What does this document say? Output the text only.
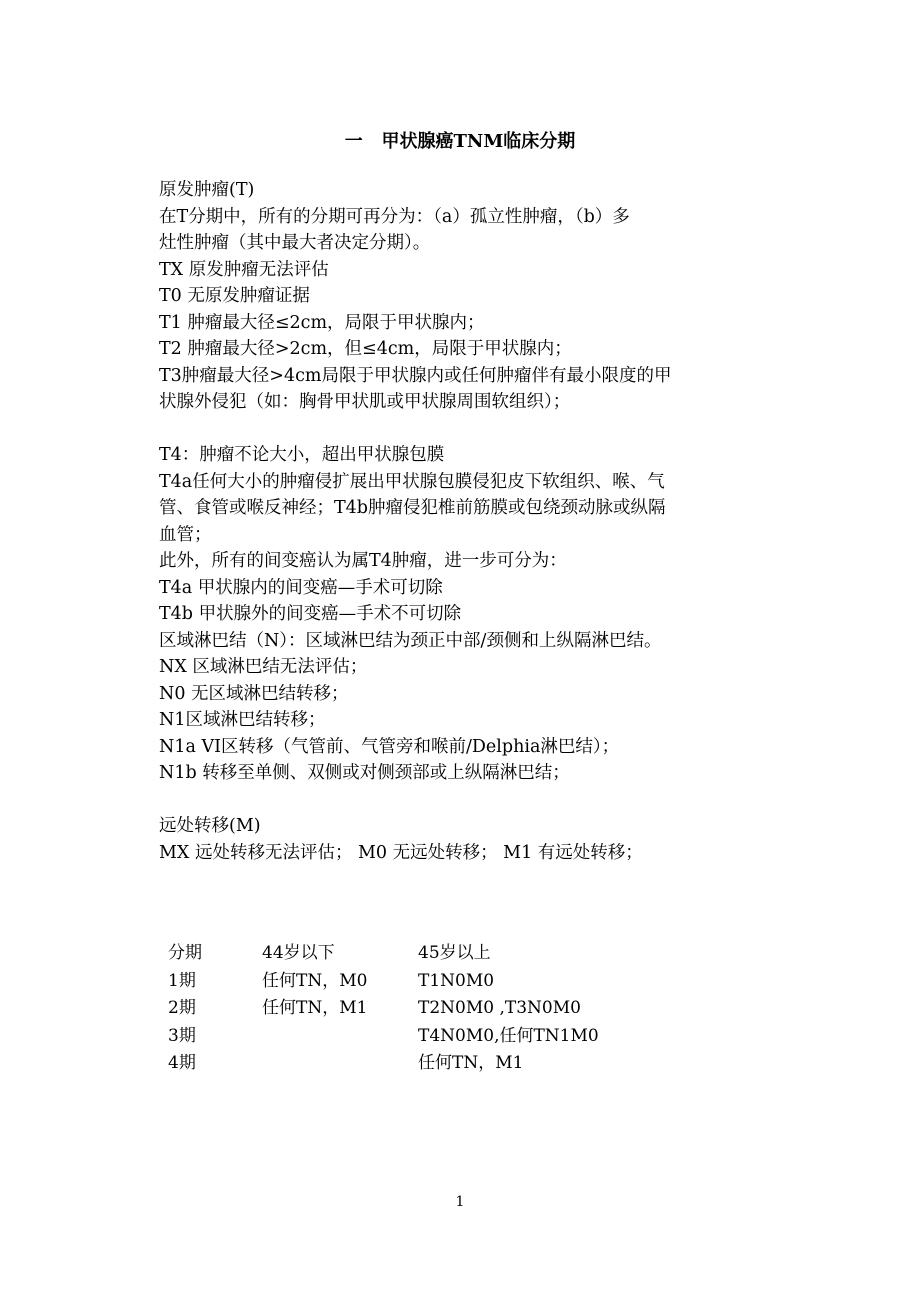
一   甲状腺癌TNM临床分期

原发肿瘤(T)

在T分期中，所有的分期可再分为：（a）孤立性肿瘤，（b）多

灶性肿瘤（其中最大者决定分期）。

TX 原发肿瘤无法评估

T0 无原发肿瘤证据

T1 肿瘤最大径≤2cm，局限于甲状腺内；

T2 肿瘤最大径>2cm，但≤4cm，局限于甲状腺内；

T3肿瘤最大径>4cm局限于甲状腺内或任何肿瘤伴有最小限度的甲

状腺外侵犯（如：胸骨甲状肌或甲状腺周围软组织）；

T4：肿瘤不论大小，超出甲状腺包膜

T4a任何大小的肿瘤侵扩展出甲状腺包膜侵犯皮下软组织、喉、气

管、食管或喉反神经；T4b肿瘤侵犯椎前筋膜或包绕颈动脉或纵隔

血管；

此外，所有的间变癌认为属T4肿瘤，进一步可分为：

T4a 甲状腺内的间变癌—手术可切除

T4b 甲状腺外的间变癌—手术不可切除

区域淋巴结（N）：区域淋巴结为颈正中部/颈侧和上纵隔淋巴结。

NX 区域淋巴结无法评估；

N0 无区域淋巴结转移；

N1区域淋巴结转移；

N1a VI区转移（气管前、气管旁和喉前/Delphia淋巴结）；

N1b 转移至单侧、双侧或对侧颈部或上纵隔淋巴结；

远处转移(M)

MX 远处转移无法评估； M0 无远处转移； M1 有远处转移；

分期	44岁以下	45岁以上
1期	任何TN，M0	T1N0M0
2期	任何TN，M1	T2N0M0 ,T3N0M0
3期		T4N0M0,任何TN1M0
4期		任何TN，M1
1
